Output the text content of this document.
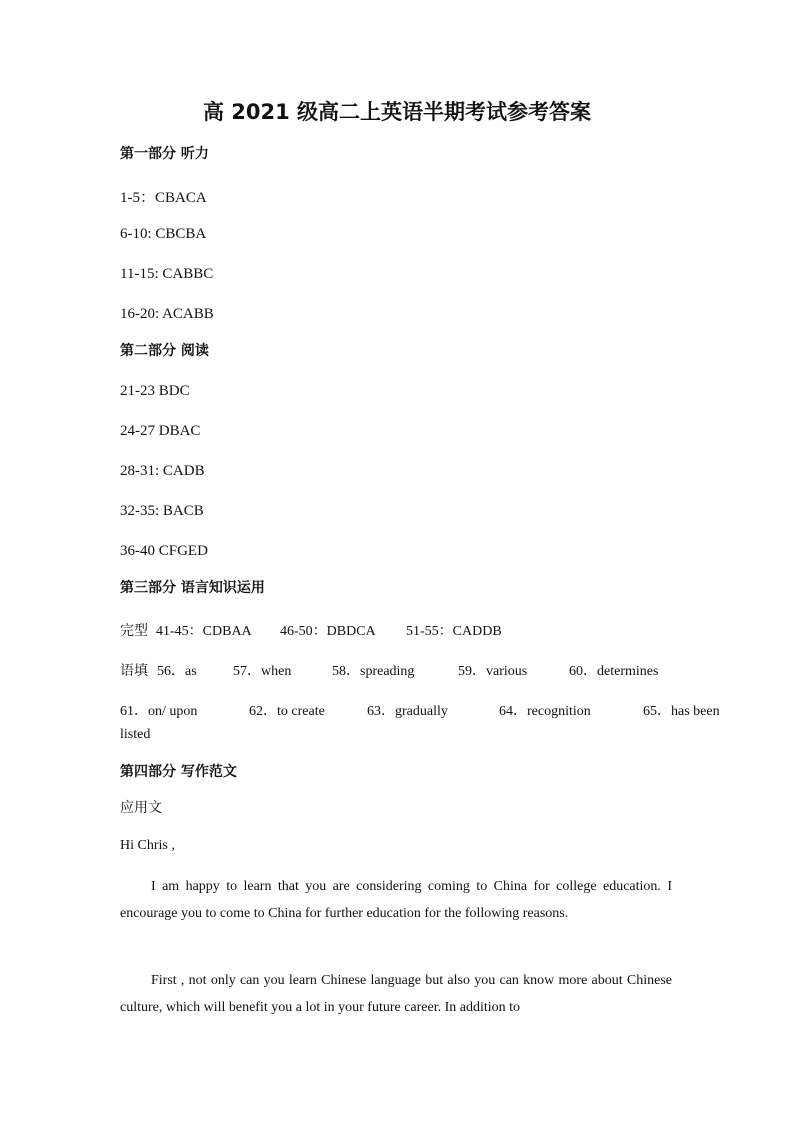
高 2021 级高二上英语半期考试参考答案
第一部分 听力
1-5：CBACA
6-10: CBCBA
11-15: CABBC
16-20: ACABB
第二部分 阅读
21-23 BDC
24-27 DBAC
28-31: CADB
32-35: BACB
36-40 CFGED
第三部分 语言知识运用
完型 41-45：CDBAA 46-50：DBDCA 51-55：CADDB
语填 56．as	57．when	58．spreading	59．various	60．determines
61．on/ upon	62．to create	63．gradually	64．recognition	65．has been
listed
第四部分 写作范文
应用文
Hi Chris ,
I am happy to learn that you are considering coming to China for college education. I encourage you to come to China for further education for the following reasons.
First , not only can you learn Chinese language but also you can know more about Chinese culture, which will benefit you a lot in your future career. In addition to
